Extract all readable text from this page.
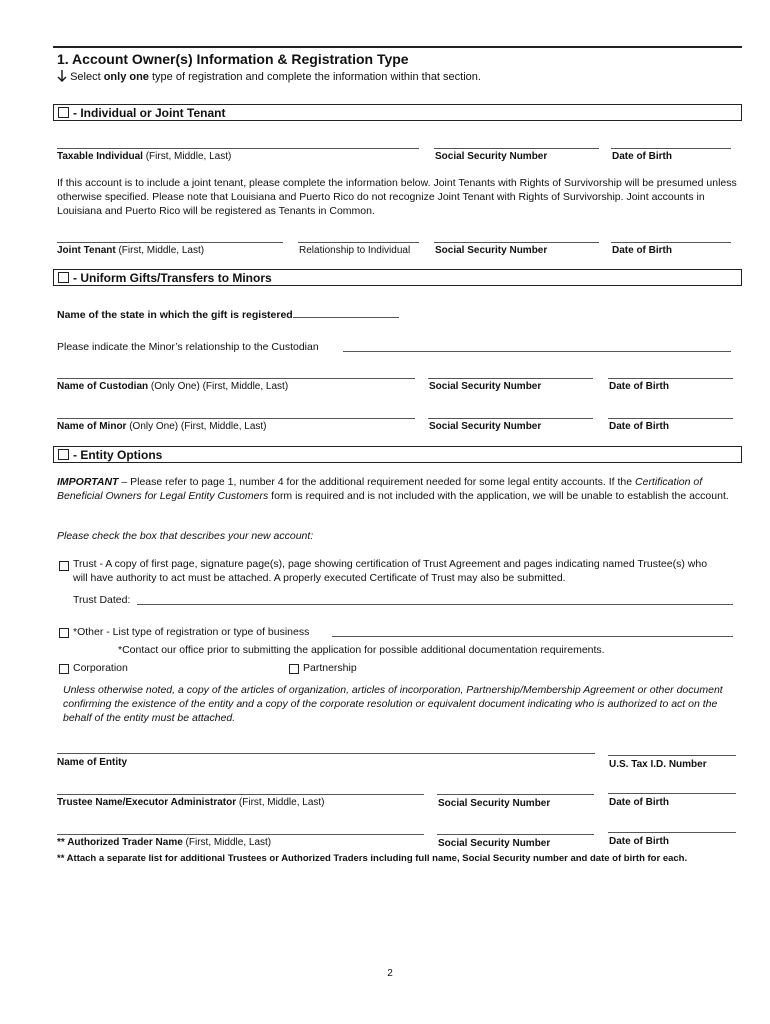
1. Account Owner(s) Information & Registration Type
Select only one type of registration and complete the information within that section.
- Individual or Joint Tenant
Taxable Individual (First, Middle, Last)	Social Security Number	Date of Birth
If this account is to include a joint tenant, please complete the information below. Joint Tenants with Rights of Survivorship will be presumed unless otherwise specified. Please note that Louisiana and Puerto Rico do not recognize Joint Tenant with Rights of Survivorship. Joint accounts in Louisiana and Puerto Rico will be registered as Tenants in Common.
Joint Tenant (First, Middle, Last)	Relationship to Individual Social Security Number	Date of Birth
- Uniform Gifts/Transfers to Minors
Name of the state in which the gift is registered
Please indicate the Minor’s relationship to the Custodian
Name of Custodian (Only One) (First, Middle, Last)	Social Security Number	Date of Birth
Name of Minor (Only One) (First, Middle, Last)	Social Security Number	Date of Birth
- Entity Options
IMPORTANT – Please refer to page 1, number 4 for the additional requirement needed for some legal entity accounts. If the Certification of Beneficial Owners for Legal Entity Customers form is required and is not included with the application, we will be unable to establish the account.
Please check the box that describes your new account:
Trust - A copy of first page, signature page(s), page showing certification of Trust Agreement and pages indicating named Trustee(s) who will have authority to act must be attached. A properly executed Certificate of Trust may also be submitted.
Trust Dated:
*Other - List type of registration or type of business
*Contact our office prior to submitting the application for possible additional documentation requirements.
Corporation	Partnership
Unless otherwise noted, a copy of the articles of organization, articles of incorporation, Partnership/Membership Agreement or other document confirming the existence of the entity and a copy of the corporate resolution or equivalent document indicating who is authorized to act on the behalf of the entity must be attached.
Name of Entity	U.S. Tax I.D. Number
Trustee Name/Executor Administrator (First, Middle, Last)	Social Security Number	Date of Birth
** Authorized Trader Name (First, Middle, Last)	Social Security Number	Date of Birth
** Attach a separate list for additional Trustees or Authorized Traders including full name, Social Security number and date of birth for each.
2
